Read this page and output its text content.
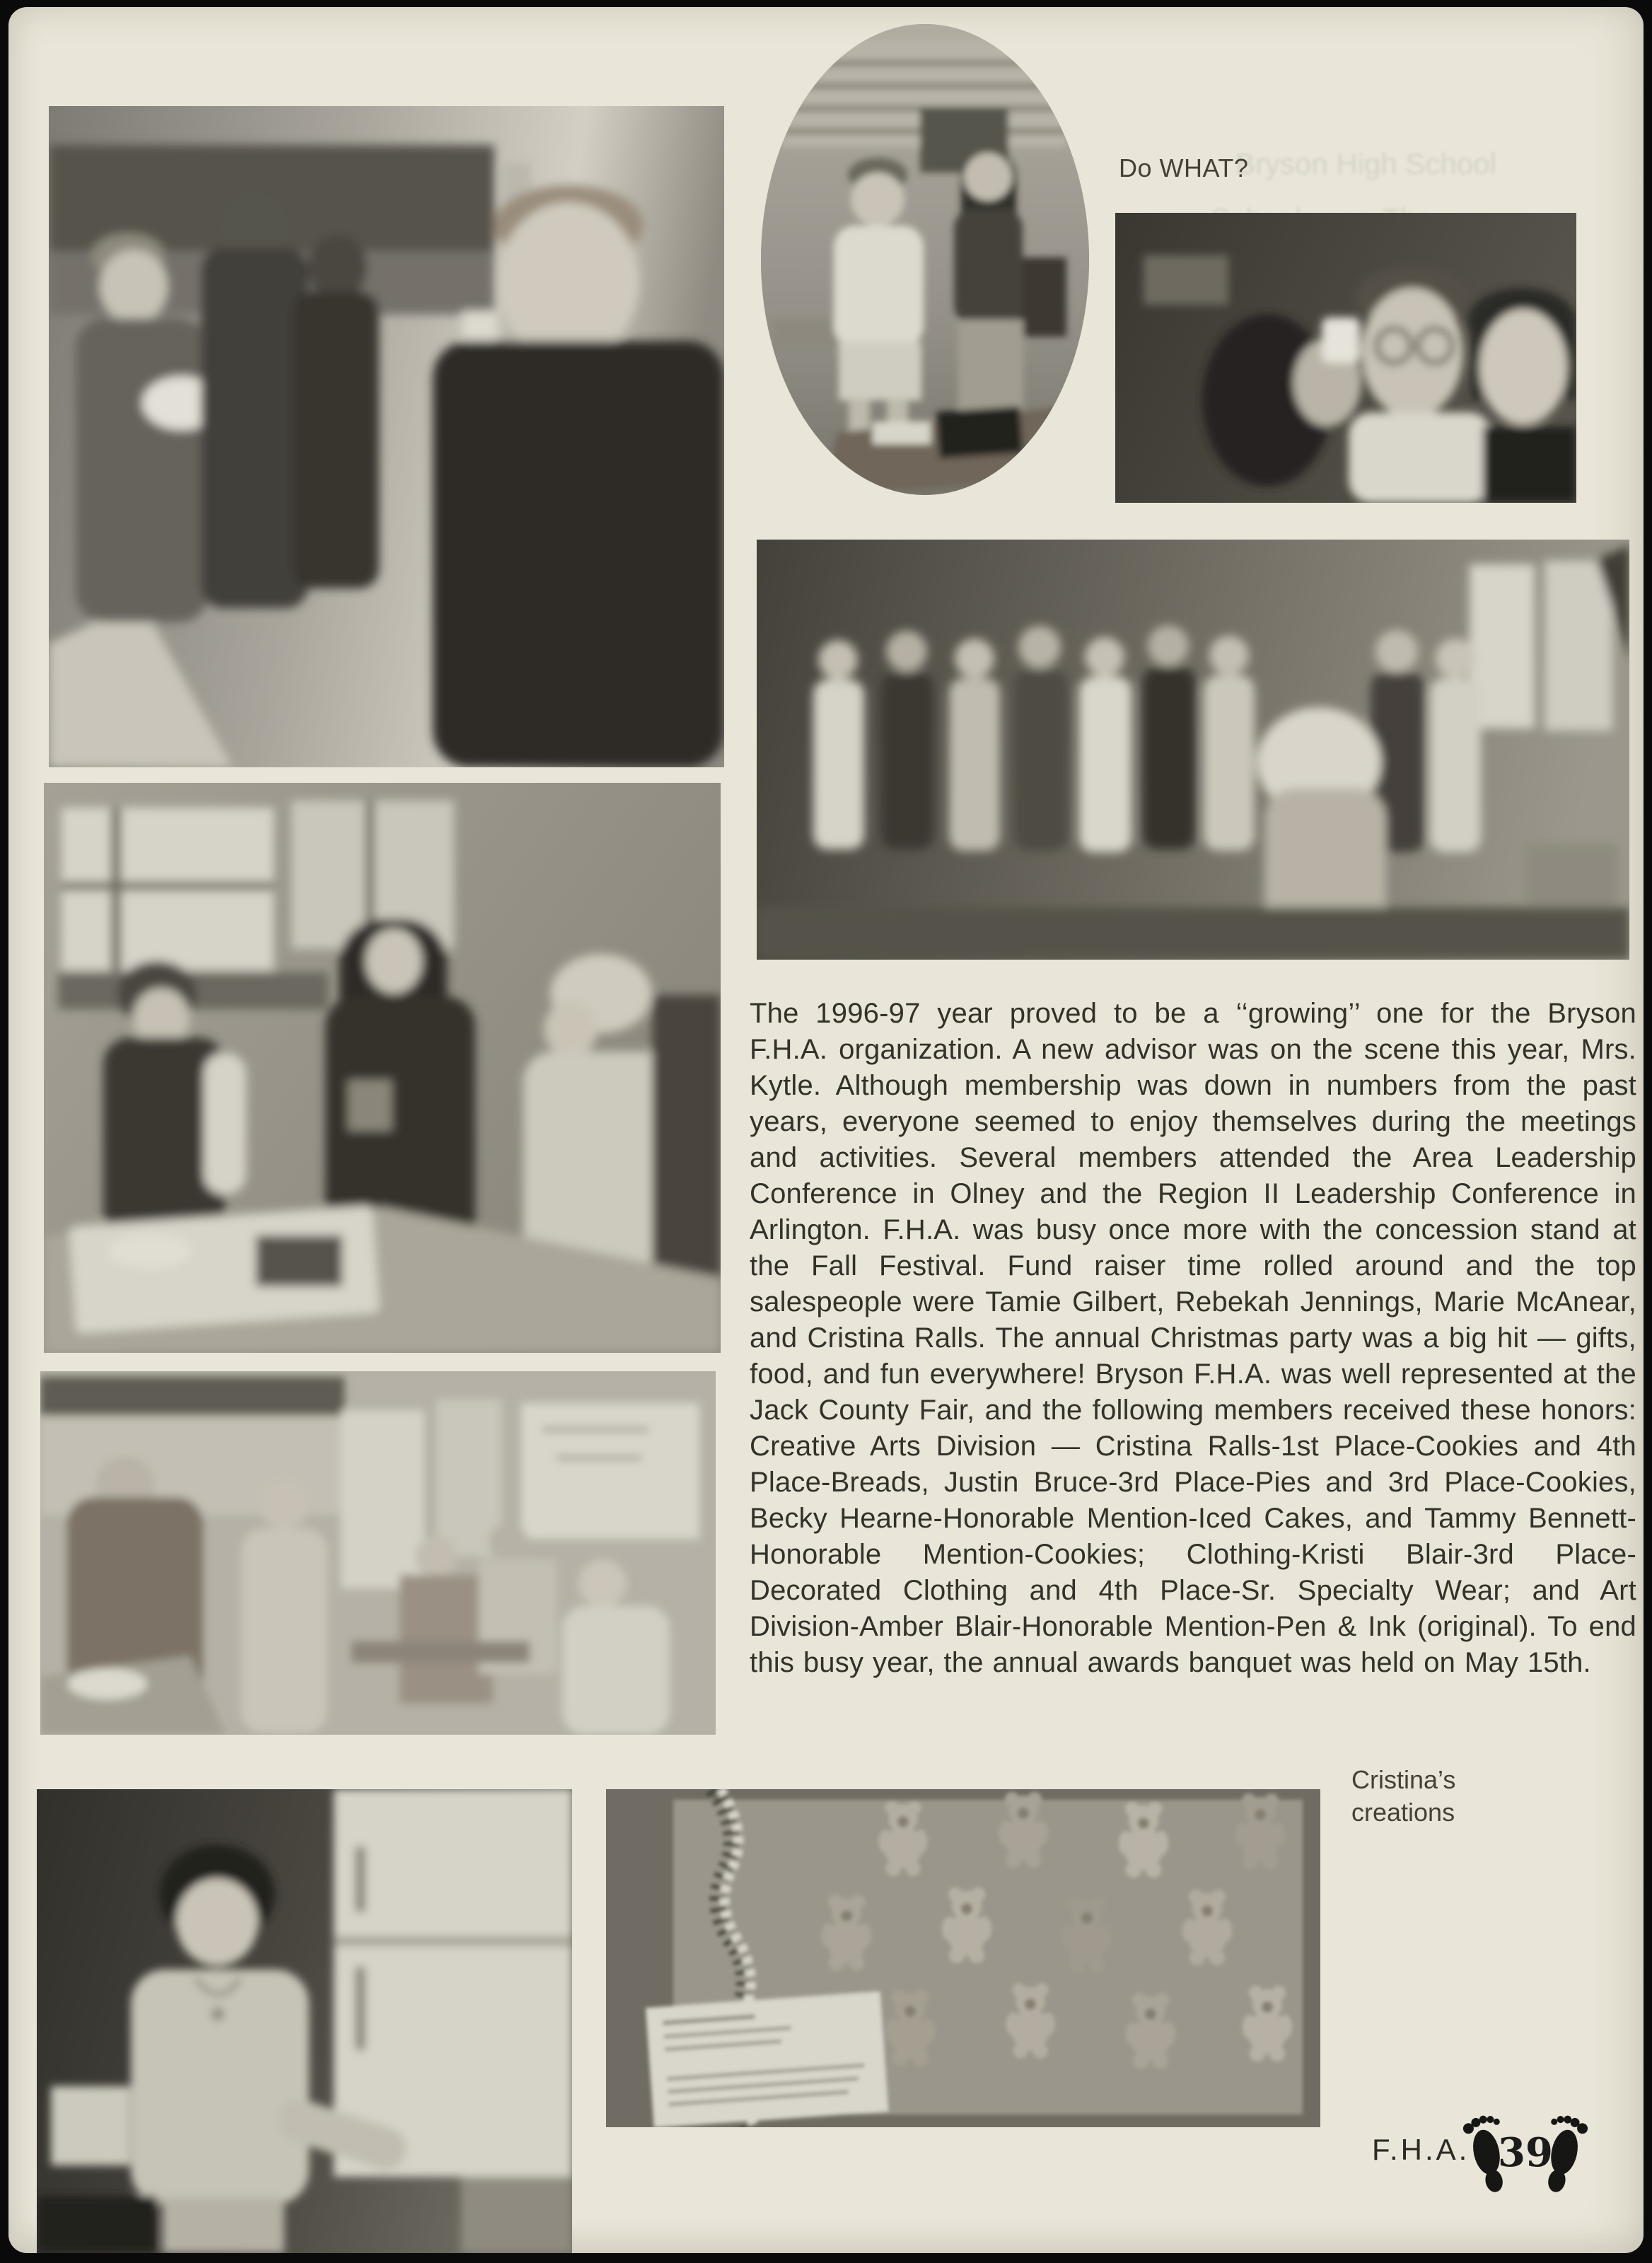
Bryson High School
Do WHAT?
The 1996-97 year proved to be a ‘‘growing’’ one for the Bryson F.H.A. organization. A new advisor was on the scene this year, Mrs. Kytle. Although membership was down in numbers from the past years, everyone seemed to enjoy themselves during the meetings and activities. Several members attended the Area Leadership Conference in Olney and the Region II Leadership Conference in Arlington. F.H.A. was busy once more with the concession stand at the Fall Festival. Fund raiser time rolled around and the top salespeople were Tamie Gilbert, Rebekah Jennings, Marie McAnear, and Cristina Ralls. The annual Christmas party was a big hit — gifts, food, and fun everywhere! Bryson F.H.A. was well represented at the Jack County Fair, and the following members received these honors: Creative Arts Division — Cristina Ralls-1st Place-Cookies and 4th Place-Breads, Justin Bruce-3rd Place-Pies and 3rd Place-Cookies, Becky Hearne-Honorable Mention-Iced Cakes, and Tammy Bennett-Honorable Mention-Cookies; Clothing-Kristi Blair-3rd Place-Decorated Clothing and 4th Place-Sr. Specialty Wear; and Art Division-Amber Blair-Honorable Mention-Pen & Ink (original). To end this busy year, the annual awards banquet was held on May 15th.
Cristina’s
creations
F.H.A. 39
